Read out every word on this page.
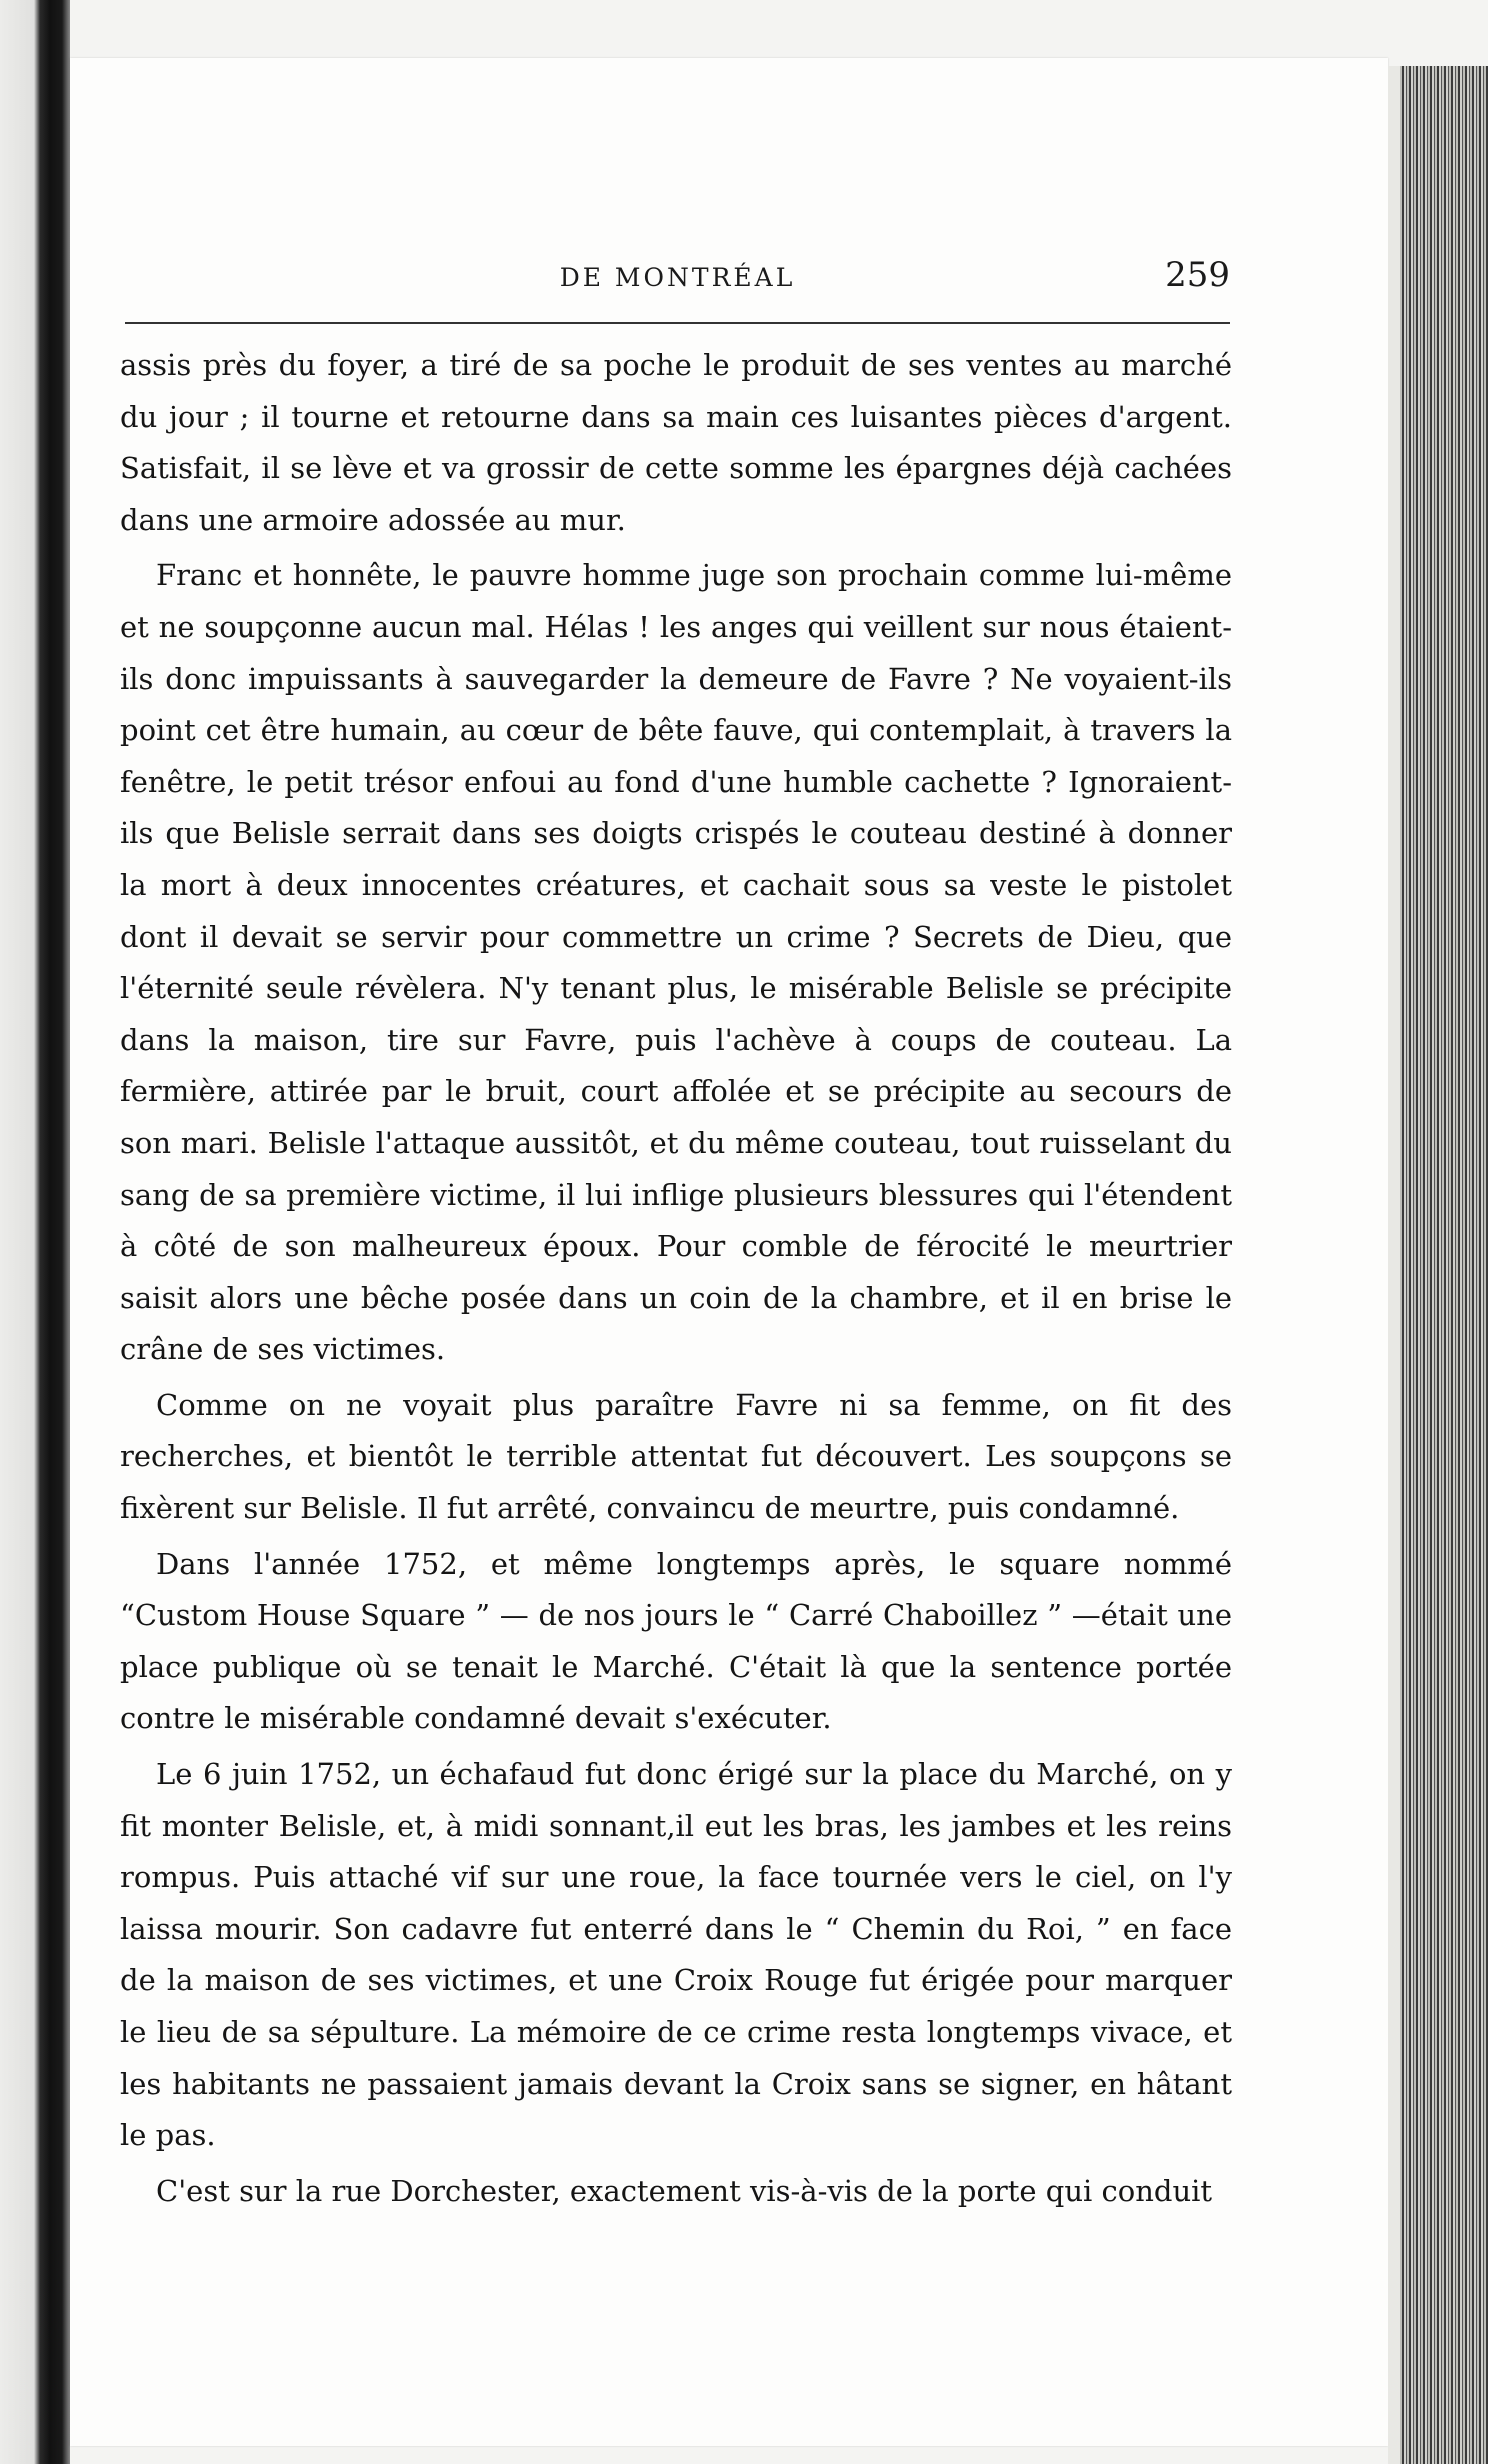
DE MONTRÉAL	259

assis près du foyer, a tiré de sa poche le produit de ses ventes au marché du jour ; il tourne et retourne dans sa main ces luisantes pièces d'argent. Satisfait, il se lève et va grossir de cette somme les épargnes déjà cachées dans une armoire adossée au mur.

Franc et honnête, le pauvre homme juge son prochain comme lui-même et ne soupçonne aucun mal. Hélas ! les anges qui veillent sur nous étaient-ils donc impuissants à sauvegarder la demeure de Favre ? Ne voyaient-ils point cet être humain, au cœur de bête fauve, qui contemplait, à travers la fenêtre, le petit trésor enfoui au fond d'une humble cachette ? Ignoraient-ils que Belisle serrait dans ses doigts crispés le couteau destiné à donner la mort à deux innocentes créatures, et cachait sous sa veste le pistolet dont il devait se servir pour commettre un crime ? Secrets de Dieu, que l'éternité seule révèlera. N'y tenant plus, le misérable Belisle se précipite dans la maison, tire sur Favre, puis l'achève à coups de couteau. La fermière, attirée par le bruit, court affolée et se précipite au secours de son mari. Belisle l'attaque aussitôt, et du même couteau, tout ruisselant du sang de sa première victime, il lui inflige plusieurs blessures qui l'étendent à côté de son malheureux époux. Pour comble de férocité le meurtrier saisit alors une bêche posée dans un coin de la chambre, et il en brise le crâne de ses victimes.

Comme on ne voyait plus paraître Favre ni sa femme, on fit des recherches, et bientôt le terrible attentat fut découvert. Les soupçons se fixèrent sur Belisle. Il fut arrêté, convaincu de meurtre, puis condamné.

Dans l'année 1752, et même longtemps après, le square nommé “Custom House Square ” — de nos jours le “ Carré Chaboillez ” —était une place publique où se tenait le Marché. C'était là que la sentence portée contre le misérable condamné devait s'exécuter.

Le 6 juin 1752, un échafaud fut donc érigé sur la place du Marché, on y fit monter Belisle, et, à midi sonnant,il eut les bras, les jambes et les reins rompus. Puis attaché vif sur une roue, la face tournée vers le ciel, on l'y laissa mourir. Son cadavre fut enterré dans le “ Chemin du Roi, ” en face de la maison de ses victimes, et une Croix Rouge fut érigée pour marquer le lieu de sa sépulture. La mémoire de ce crime resta longtemps vivace, et les habitants ne passaient jamais devant la Croix sans se signer, en hâtant le pas.

C'est sur la rue Dorchester, exactement vis-à-vis de la porte qui conduit
